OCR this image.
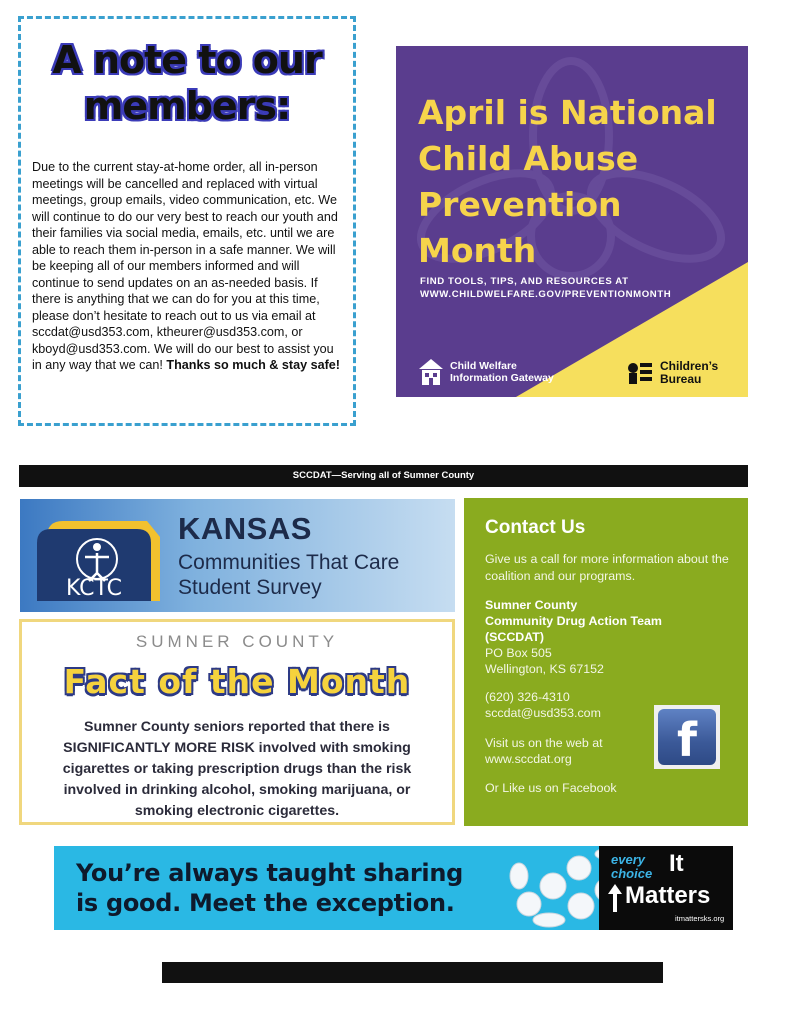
A note to our
members:
Due to the current stay-at-home order, all in-person meetings will be cancelled and replaced with virtual meetings, group emails, video communication, etc. We will continue to do our very best to reach our youth and their families via social media, emails, etc. until we are able to reach them in-person in a safe manner. We will be keeping all of our members informed and will continue to send updates on an as-needed basis. If there is anything that we can do for you at this time, please don’t hesitate to reach out to us via email at sccdat@usd353.com, ktheurer@usd353.com, or kboyd@usd353.com. We will do our best to assist you in any way that we can! Thanks so much & stay safe!
April is National
Child Abuse
Prevention
Month
FIND TOOLS, TIPS, AND RESOURCES AT
WWW.CHILDWELFARE.GOV/PREVENTIONMONTH
Child Welfare
Information Gateway
Children’s
Bureau
SCCDAT—Serving all of Sumner County
KCTC
KANSAS
Communities That Care
Student Survey
SUMNER COUNTY
Fact of the Month
Sumner County seniors reported that there is SIGNIFICANTLY MORE RISK involved with smoking cigarettes or taking prescription drugs than the risk involved in drinking alcohol, smoking marijuana, or smoking electronic cigarettes.
Contact Us
Give us a call for more information about the coalition and our programs.
Sumner County
Community Drug Action Team
(SCCDAT)
PO Box 505
Wellington, KS 67152
(620) 326-4310
sccdat@usd353.com
Visit us on the web at
www.sccdat.org
Or Like us on Facebook
f
You’re always taught sharing
is good. Meet the exception.
every
choice It
Matters
itmattersks.org
